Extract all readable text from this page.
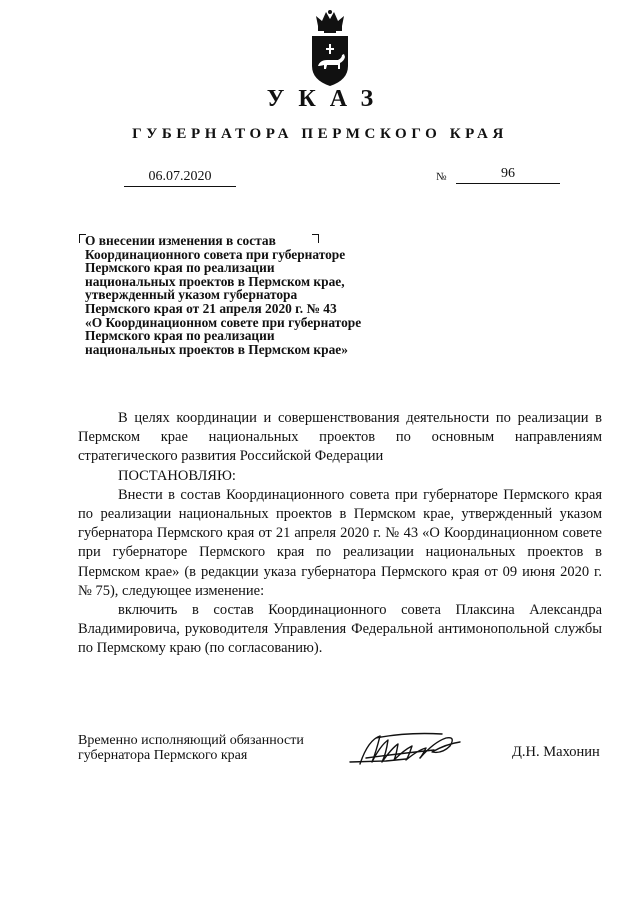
УКАЗ
ГУБЕРНАТОРА ПЕРМСКОГО КРАЯ
06.07.2020	№	96
О внесении изменения в состав
Координационного совета при губернаторе
Пермского края по реализации
национальных проектов в Пермском крае,
утвержденный указом губернатора
Пермского края от 21 апреля 2020 г. № 43
«О Координационном совете при губернаторе
Пермского края по реализации
национальных проектов в Пермском крае»

В целях координации и совершенствования деятельности по реализации в Пермском крае национальных проектов по основным направлениям стратегического развития Российской Федерации

ПОСТАНОВЛЯЮ:

Внести в состав Координационного совета при губернаторе Пермского края по реализации национальных проектов в Пермском крае, утвержденный указом губернатора Пермского края от 21 апреля 2020 г. № 43 «О Координационном совете при губернаторе Пермского края по реализации национальных проектов в Пермском крае» (в редакции указа губернатора Пермского края от 09 июня 2020 г. № 75), следующее изменение:

включить в состав Координационного совета Плаксина Александра Владимировича, руководителя Управления Федеральной антимонопольной службы по Пермскому краю (по согласованию).

Временно исполняющий обязанности
губернатора Пермского края	Д.Н. Махонин
